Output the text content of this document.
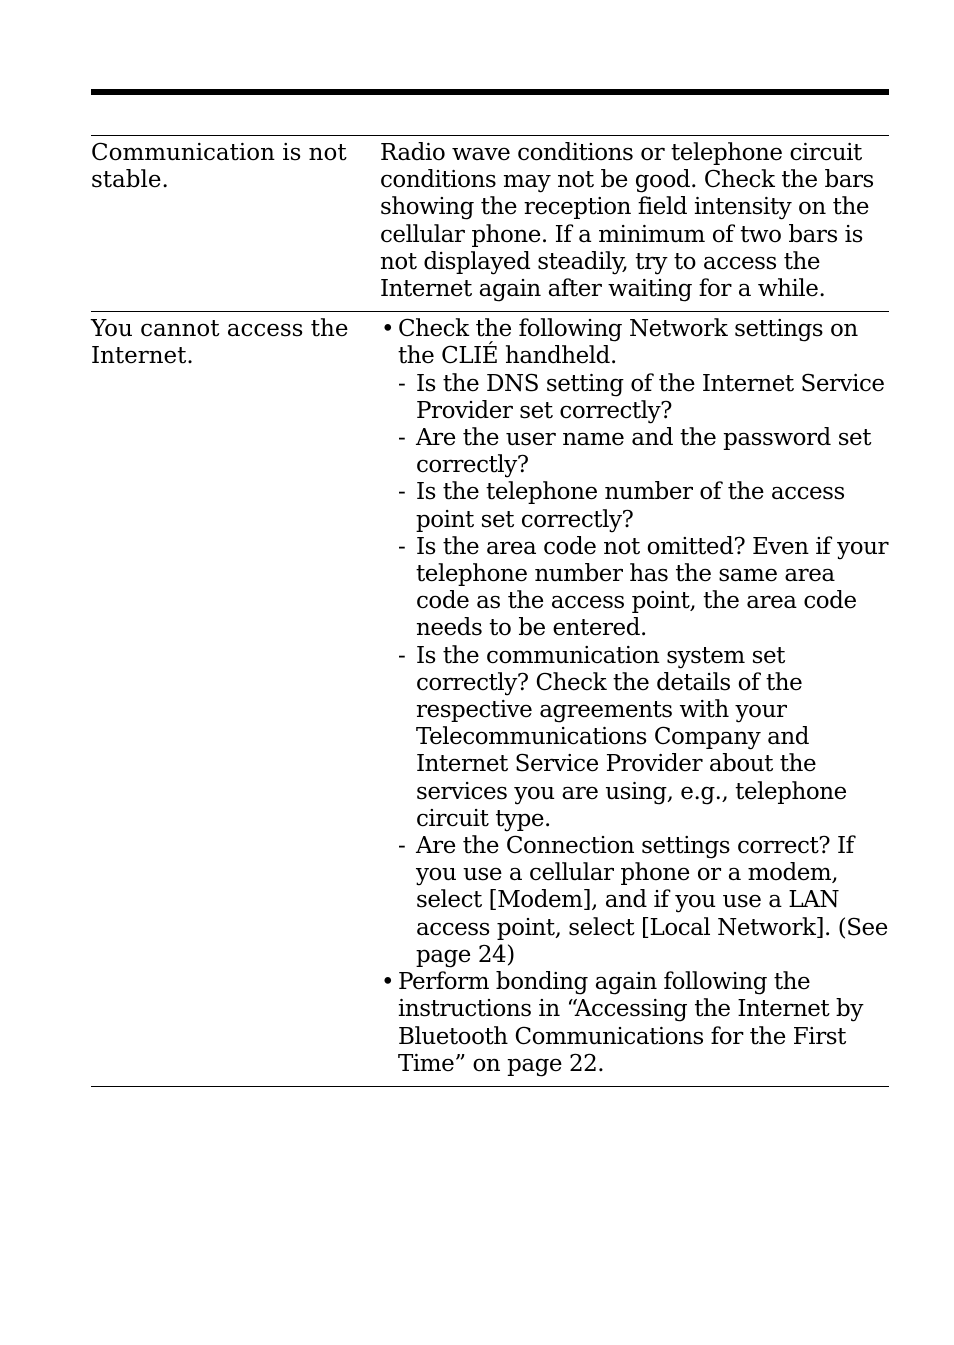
Communication is not stable.
Radio wave conditions or telephone circuit conditions may not be good. Check the bars showing the reception field intensity on the cellular phone. If a minimum of two bars is not displayed steadily, try to access the Internet again after waiting for a while.
You cannot access the Internet.
• Check the following Network settings on the CLIÉ handheld.
- Is the DNS setting of the Internet Service Provider set correctly?
- Are the user name and the password set correctly?
- Is the telephone number of the access point set correctly?
- Is the area code not omitted? Even if your telephone number has the same area code as the access point, the area code needs to be entered.
- Is the communication system set correctly? Check the details of the respective agreements with your Telecommunications Company and Internet Service Provider about the services you are using, e.g., telephone circuit type.
- Are the Connection settings correct? If you use a cellular phone or a modem, select [Modem], and if you use a LAN access point, select [Local Network]. (See page 24)
• Perform bonding again following the instructions in “Accessing the Internet by Bluetooth Communications for the First Time” on page 22.
